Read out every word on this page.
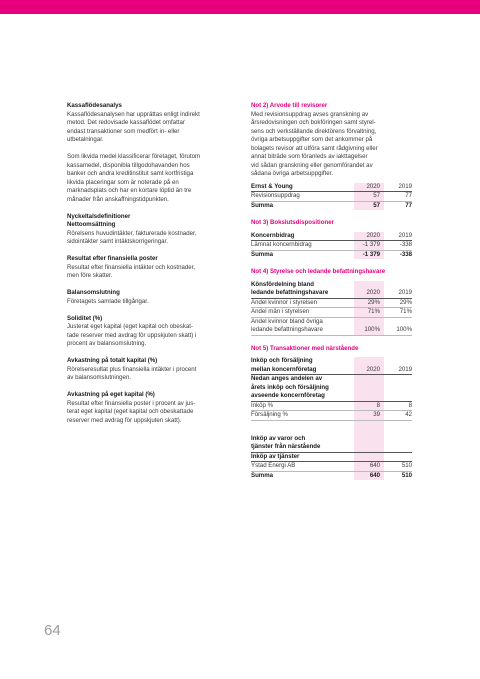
Kassaflödesanalys

Kassaflödesanalysen har upprättas enligt indirekt

metod. Det redovisade kassaflödet omfattar

endast transaktioner som medfört in- eller

utbetalningar.

Som likvida medel klassificerar företaget, förutom

kassamedel, disponibla tillgodohavanden hos

banker och andra kreditinstitut samt kortfristiga

likvida placeringar som är noterade på en

marknadsplats och har en kortare löptid än tre

månader från anskaffningstidpunkten.

Nyckeltalsdefinitioner

Nettoomsättning

Rörelsens huvudintäkter, fakturerade kostnader,

sidointäkter samt intäktskorrigeringar.

Resultat efter finansiella poster

Resultat efter finansiella intäkter och kostnader,

men före skatter.

Balansomslutning

Företagets samlade tillgångar.

Soliditet (%)

Justerat eget kapital (eget kapital och obeskat-

tade reserver med avdrag för uppskjuten skatt) i

procent av balansomslutning.

Avkastning på totalt kapital (%)

Rörelseresultat plus finansiella intäkter i procent

av balansomslutningen.

Avkastning på eget kapital (%)

Resultat efter finansiella poster i procent av jus-

terat eget kapital (eget kapital och obeskattade

reserver med avdrag för uppskjuten skatt).

Not 2) Arvode till revisorer

Med revisionsuppdrag avses granskning av

årsredovisningen och bokföringen samt styrel-

sens och verkställande direktörens förvaltning,

övriga arbetsuppgifter som det ankommer på

bolagets revisor att utföra samt rådgivning eller

annat biträde som föranleds av iakttagelser

vid sådan granskning eller genomförandet av

sådana övriga arbetsuppgifter.

Ernst & Young	2020	2019
Revisionsuppdrag	57	77
Summa	57	77

Not 3) Bokslutsdispositioner

Koncernbidrag	2020	2019
Lämnat koncernbidrag	-1 379	-338
Summa	-1 379	-338

Not 4) Styrelse och ledande befattningshavare

Könsfördelning bland		
ledande befattningshavare	2020	2019
Andel kvinnor i styrelsen	29%	29%
Andel män i styrelsen	71%	71%
Andel kvinnor bland övriga		
ledande befattningshavare	100%	100%

Not 5) Transaktioner med närstående

Inköp och försäljning		
mellan koncernföretag	2020	2019
Nedan anges andelen av		
årets inköp och försäljning		
avseende koncernföretag		
Inköp %	8	8
Försäljning %	39	42

Inköp av varor och		
tjänster från närstående		
Inköp av tjänster		
Ystad Energi AB	640	510
Summa	640	510
64
